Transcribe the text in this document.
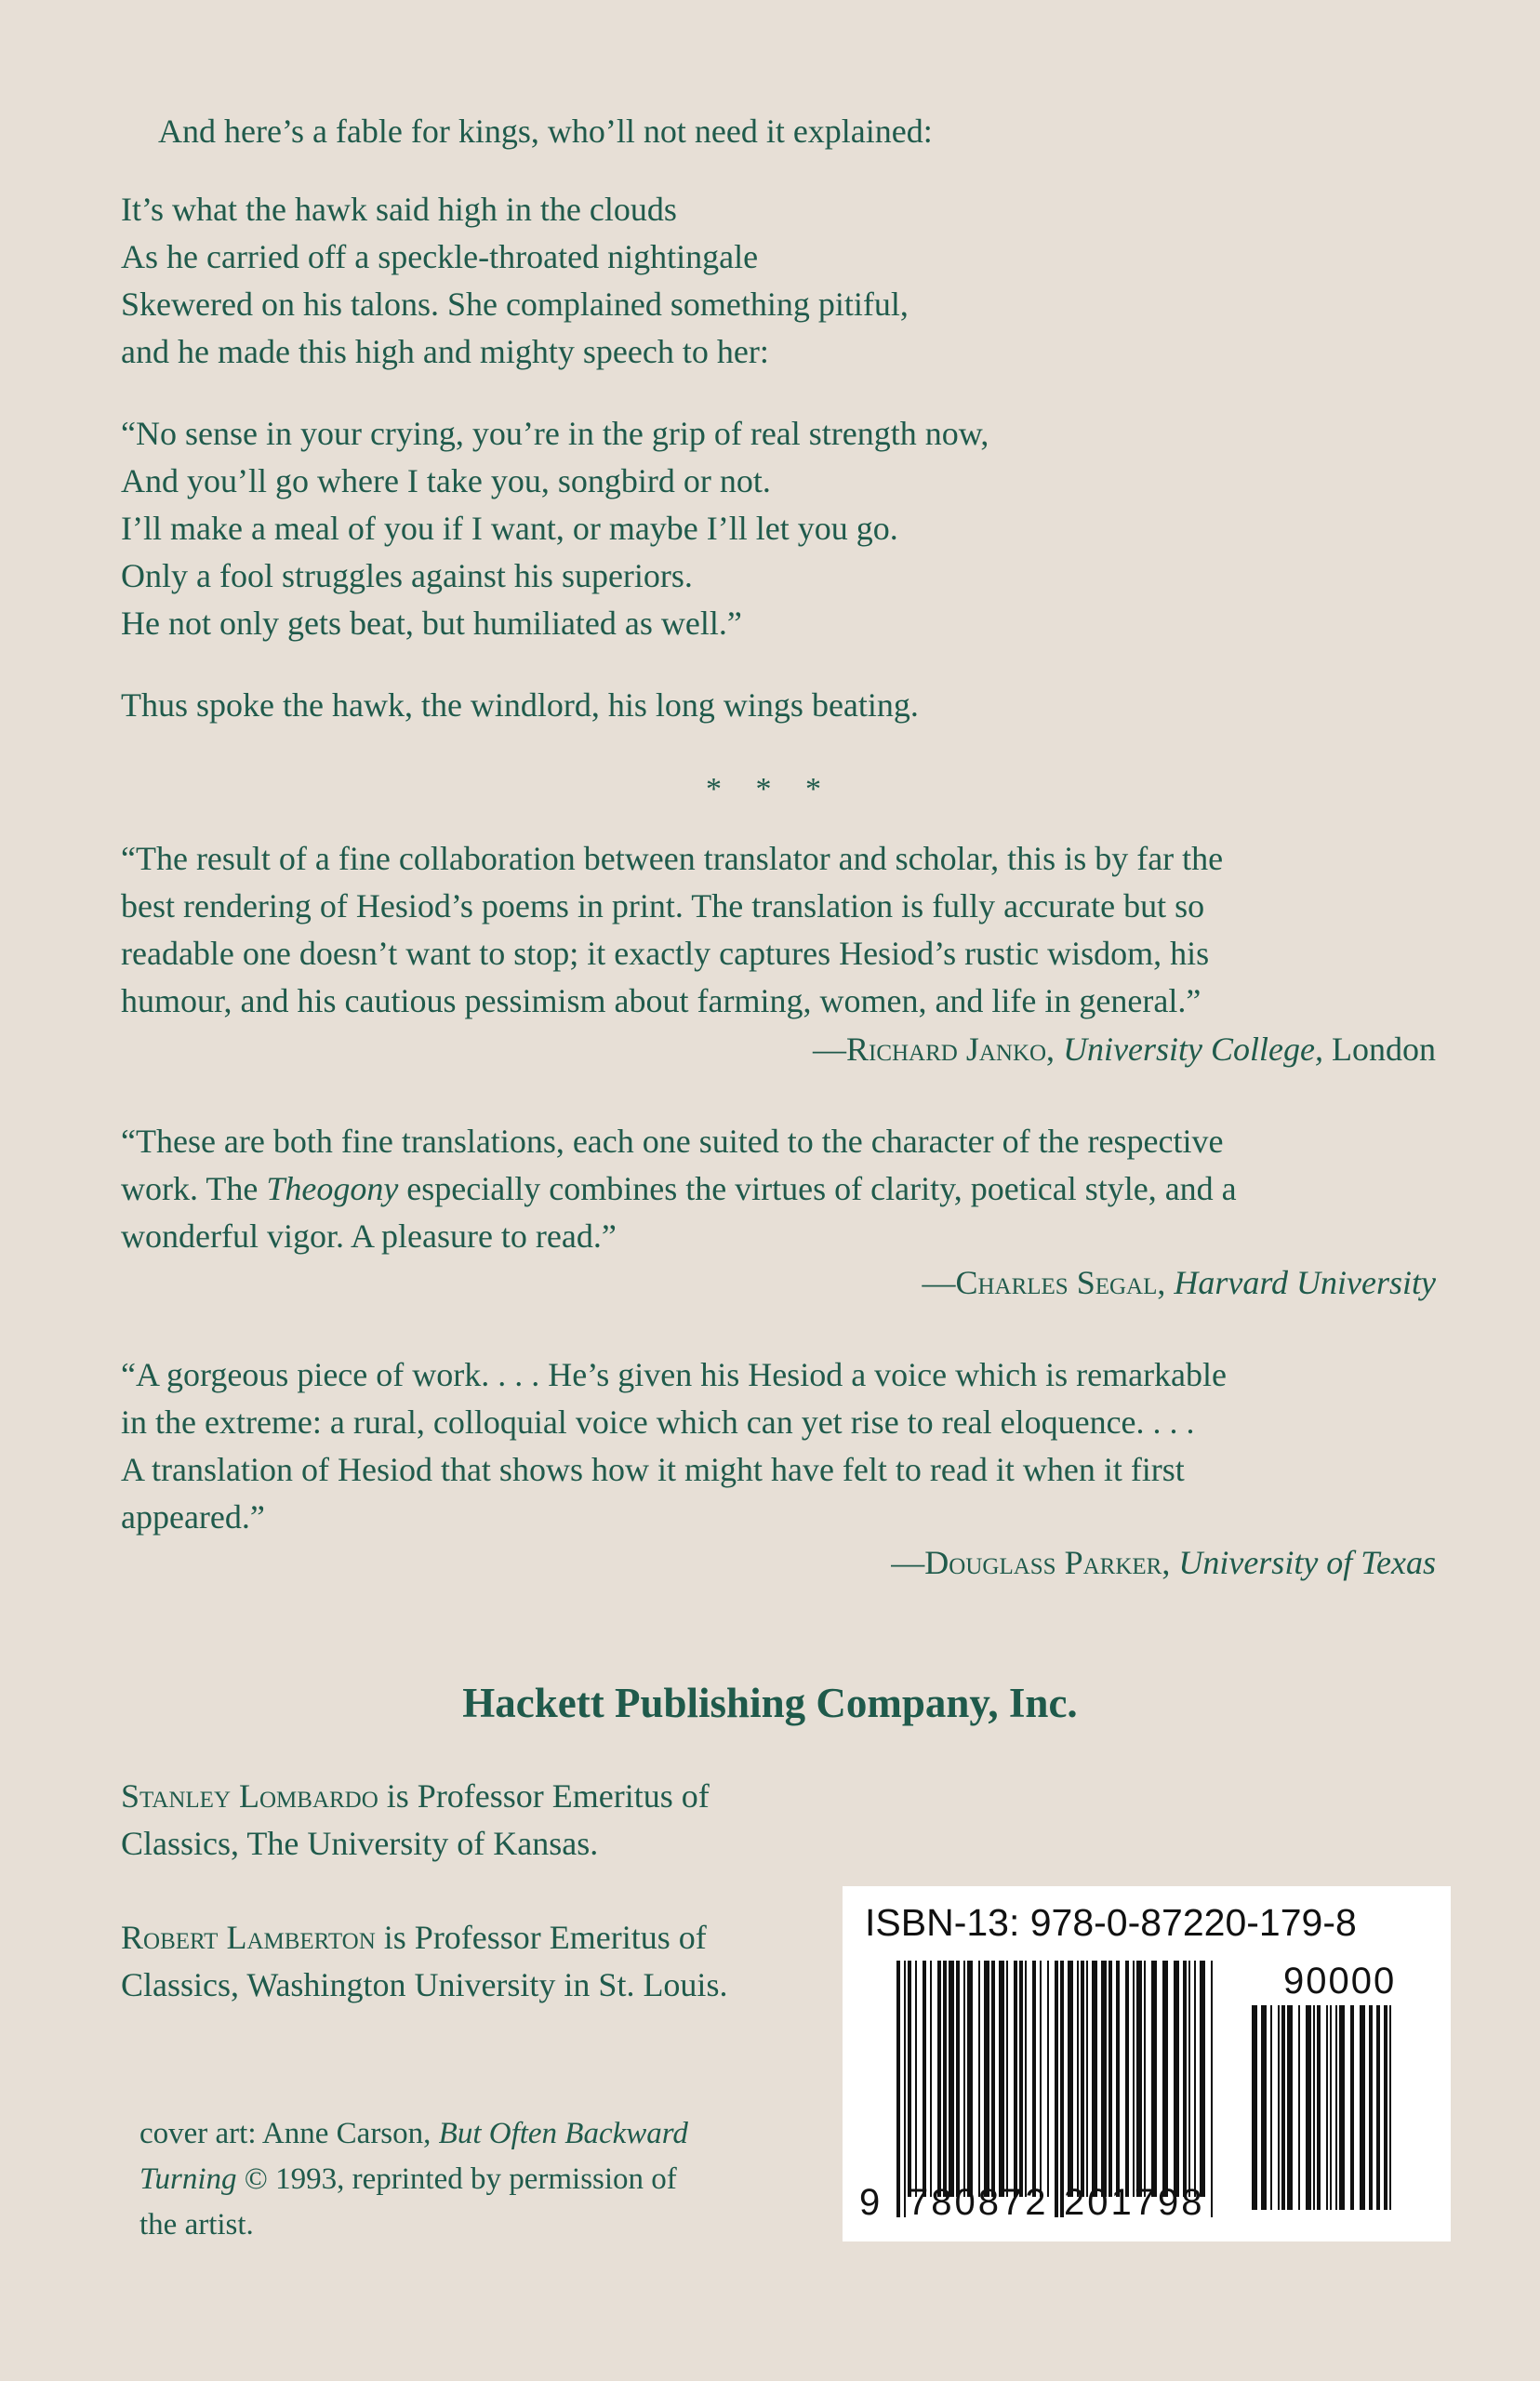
And here’s a fable for kings, who’ll not need it explained:
It’s what the hawk said high in the clouds
As he carried off a speckle-throated nightingale
Skewered on his talons. She complained something pitiful,
and he made this high and mighty speech to her:
“No sense in your crying, you’re in the grip of real strength now,
And you’ll go where I take you, songbird or not.
I’ll make a meal of you if I want, or maybe I’ll let you go.
Only a fool struggles against his superiors.
He not only gets beat, but humiliated as well.”
Thus spoke the hawk, the windlord, his long wings beating.
* * *
“The result of a fine collaboration between translator and scholar, this is by far the
best rendering of Hesiod’s poems in print. The translation is fully accurate but so
readable one doesn’t want to stop; it exactly captures Hesiod’s rustic wisdom, his
humour, and his cautious pessimism about farming, women, and life in general.”
—Richard Janko, University College, London
“These are both fine translations, each one suited to the character of the respective
work. The Theogony especially combines the virtues of clarity, poetical style, and a
wonderful vigor. A pleasure to read.”
—Charles Segal, Harvard University
“A gorgeous piece of work. . . . He’s given his Hesiod a voice which is remarkable
in the extreme: a rural, colloquial voice which can yet rise to real eloquence. . . .
A translation of Hesiod that shows how it might have felt to read it when it first
appeared.”
—Douglass Parker, University of Texas
Hackett Publishing Company, Inc.
Stanley Lombardo is Professor Emeritus of
Classics, The University of Kansas.
Robert Lamberton is Professor Emeritus of
Classics, Washington University in St. Louis.
cover art: Anne Carson, But Often Backward
Turning © 1993, reprinted by permission of
the artist.
ISBN-13: 978-0-87220-179-8
9 780872 201798
90000
